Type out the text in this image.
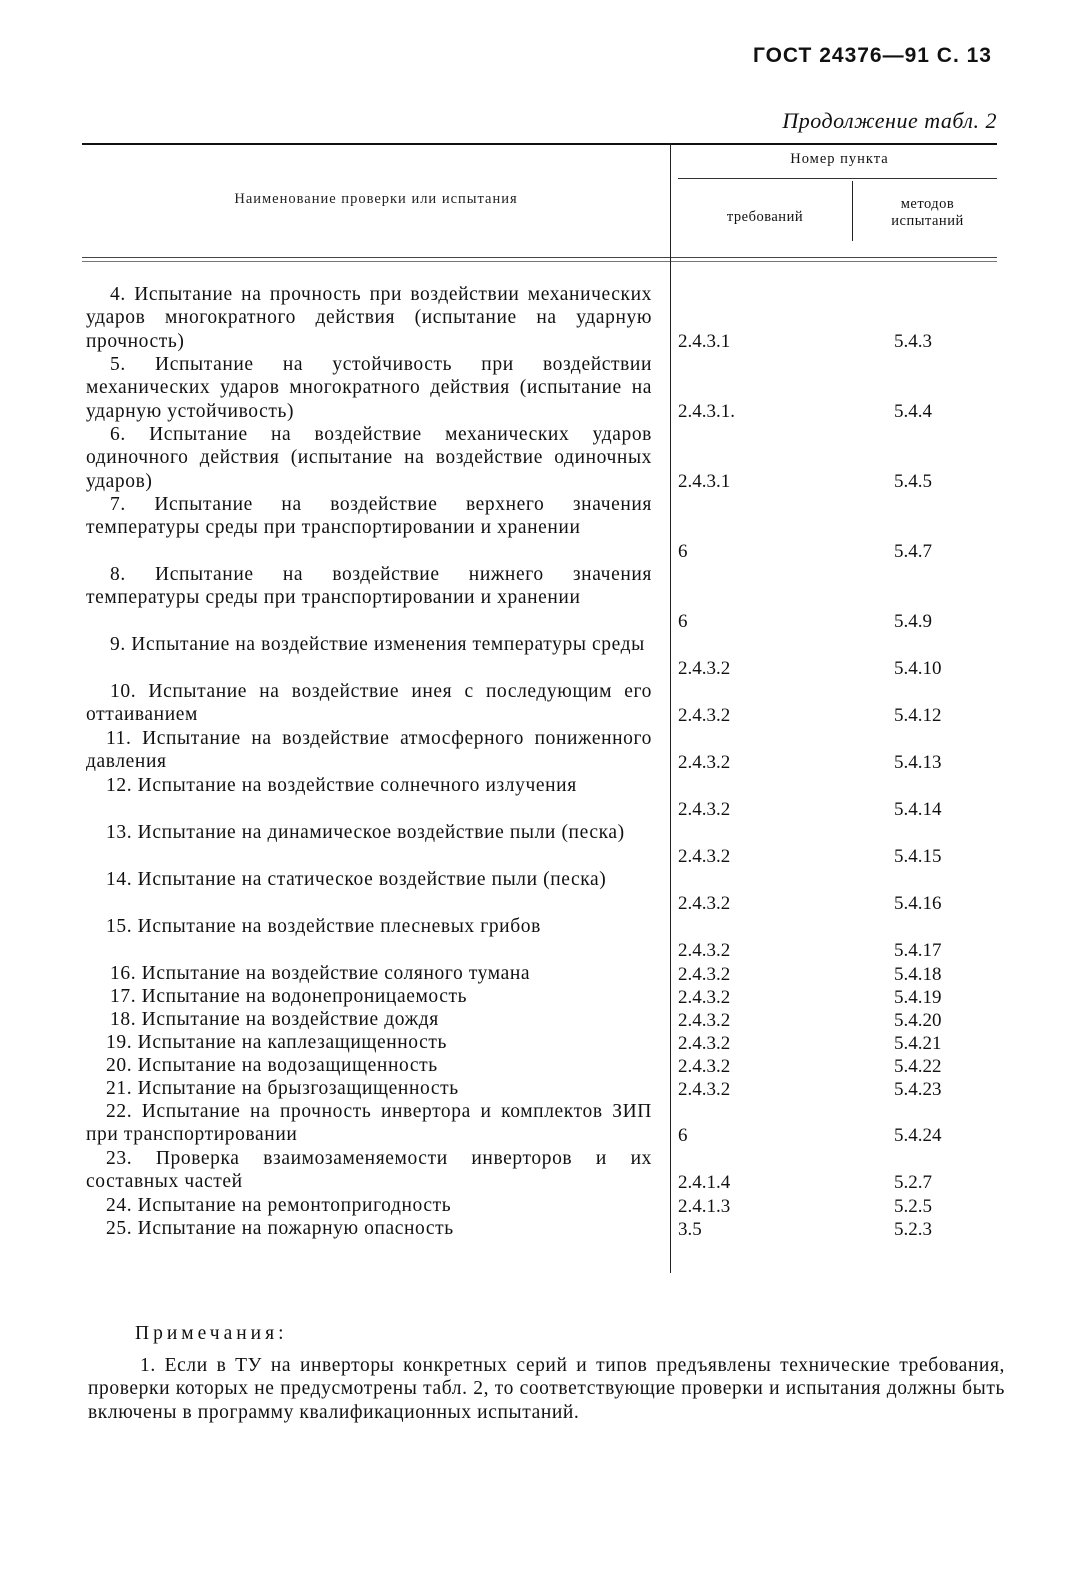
ГОСТ 24376—91 С. 13
Продолжение табл. 2
Наименование проверки или испытания
Номер пункта
требований
методов
испытаний
4. Испытание на прочность при воздействии механических ударов многократного действия (испытание на ударную прочность)	2.4.3.1	5.4.3
5. Испытание на устойчивость при воздействии механических ударов многократного действия (испытание на ударную устойчивость)	2.4.3.1.	5.4.4
6. Испытание на воздействие механических ударов одиночного действия (испытание на воздействие одиночных ударов)	2.4.3.1	5.4.5
7. Испытание на воздействие верхнего значения температуры среды при транспортировании и хранении
6	5.4.7
8. Испытание на воздействие нижнего значения температуры среды при транспортировании и хранении
6	5.4.9
9. Испытание на воздействие изменения температуры среды
2.4.3.2	5.4.10
10. Испытание на воздействие инея с последующим его оттаиванием	2.4.3.2	5.4.12
11. Испытание на воздействие атмосферного пониженного давления	2.4.3.2	5.4.13
12. Испытание на воздействие солнечного излучения
2.4.3.2	5.4.14
13. Испытание на динамическое воздействие пыли (песка)
2.4.3.2	5.4.15
14. Испытание на статическое воздействие пыли (песка)
2.4.3.2	5.4.16
15. Испытание на воздействие плесневых грибов
2.4.3.2	5.4.17
16. Испытание на воздействие соляного тумана	2.4.3.2	5.4.18
17. Испытание на водонепроницаемость	2.4.3.2	5.4.19
18. Испытание на воздействие дождя	2.4.3.2	5.4.20
19. Испытание на каплезащищенность	2.4.3.2	5.4.21
20. Испытание на водозащищенность	2.4.3.2	5.4.22
21. Испытание на брызгозащищенность	2.4.3.2	5.4.23
22. Испытание на прочность инвертора и комплектов ЗИП при транспортировании	6	5.4.24
23. Проверка взаимозаменяемости инверторов и их составных частей	2.4.1.4	5.2.7
24. Испытание на ремонтопригодность	2.4.1.3	5.2.5
25. Испытание на пожарную опасность	3.5	5.2.3
Примечания:
1. Если в ТУ на инверторы конкретных серий и типов предъявлены технические требования, проверки которых не предусмотрены табл. 2, то соответствующие проверки и испытания должны быть включены в программу квалификационных испытаний.
